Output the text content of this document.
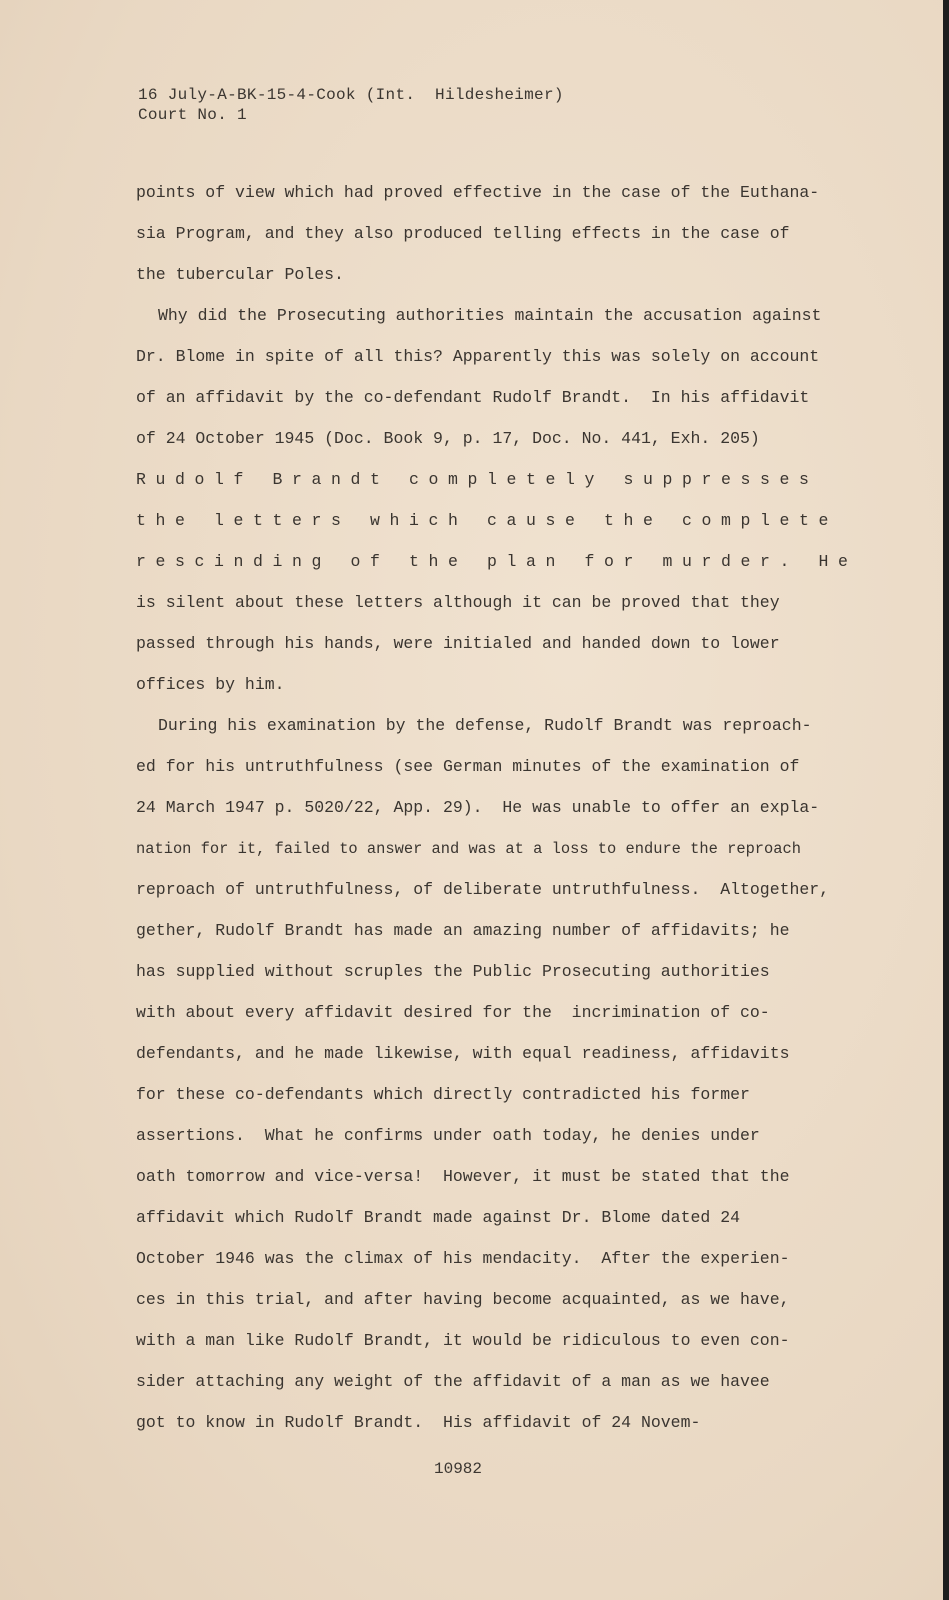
16 July-A-BK-15-4-Cook (Int.  Hildesheimer)
Court No. 1
points of view which had proved effective in the case of the Euthana-
sia Program, and they also produced telling effects in the case of
the tubercular Poles.
Why did the Prosecuting authorities maintain the accusation against
Dr. Blome in spite of all this? Apparently this was solely on account
of an affidavit by the co-defendant Rudolf Brandt.  In his affidavit
of 24 October 1945 (Doc. Book 9, p. 17, Doc. No. 441, Exh. 205)
Rudolf Brandt completely suppresses
the letters which cause the complete
rescinding of the plan for murder. He
is silent about these letters although it can be proved that they
passed through his hands, were initialed and handed down to lower
offices by him.
During his examination by the defense, Rudolf Brandt was reproach-
ed for his untruthfulness (see German minutes of the examination of
24 March 1947 p. 5020/22, App. 29).  He was unable to offer an expla-
nation for it, failed to answer and was at a loss to endure the reproach
reproach of untruthfulness, of deliberate untruthfulness.  Altogether,
gether, Rudolf Brandt has made an amazing number of affidavits; he
has supplied without scruples the Public Prosecuting authorities
with about every affidavit desired for the  incrimination of co-
defendants, and he made likewise, with equal readiness, affidavits
for these co-defendants which directly contradicted his former
assertions.  What he confirms under oath today, he denies under
oath tomorrow and vice-versa!  However, it must be stated that the
affidavit which Rudolf Brandt made against Dr. Blome dated 24
October 1946 was the climax of his mendacity.  After the experien-
ces in this trial, and after having become acquainted, as we have,
with a man like Rudolf Brandt, it would be ridiculous to even con-
sider attaching any weight of the affidavit of a man as we havee
got to know in Rudolf Brandt.  His affidavit of 24 Novem-
10982
